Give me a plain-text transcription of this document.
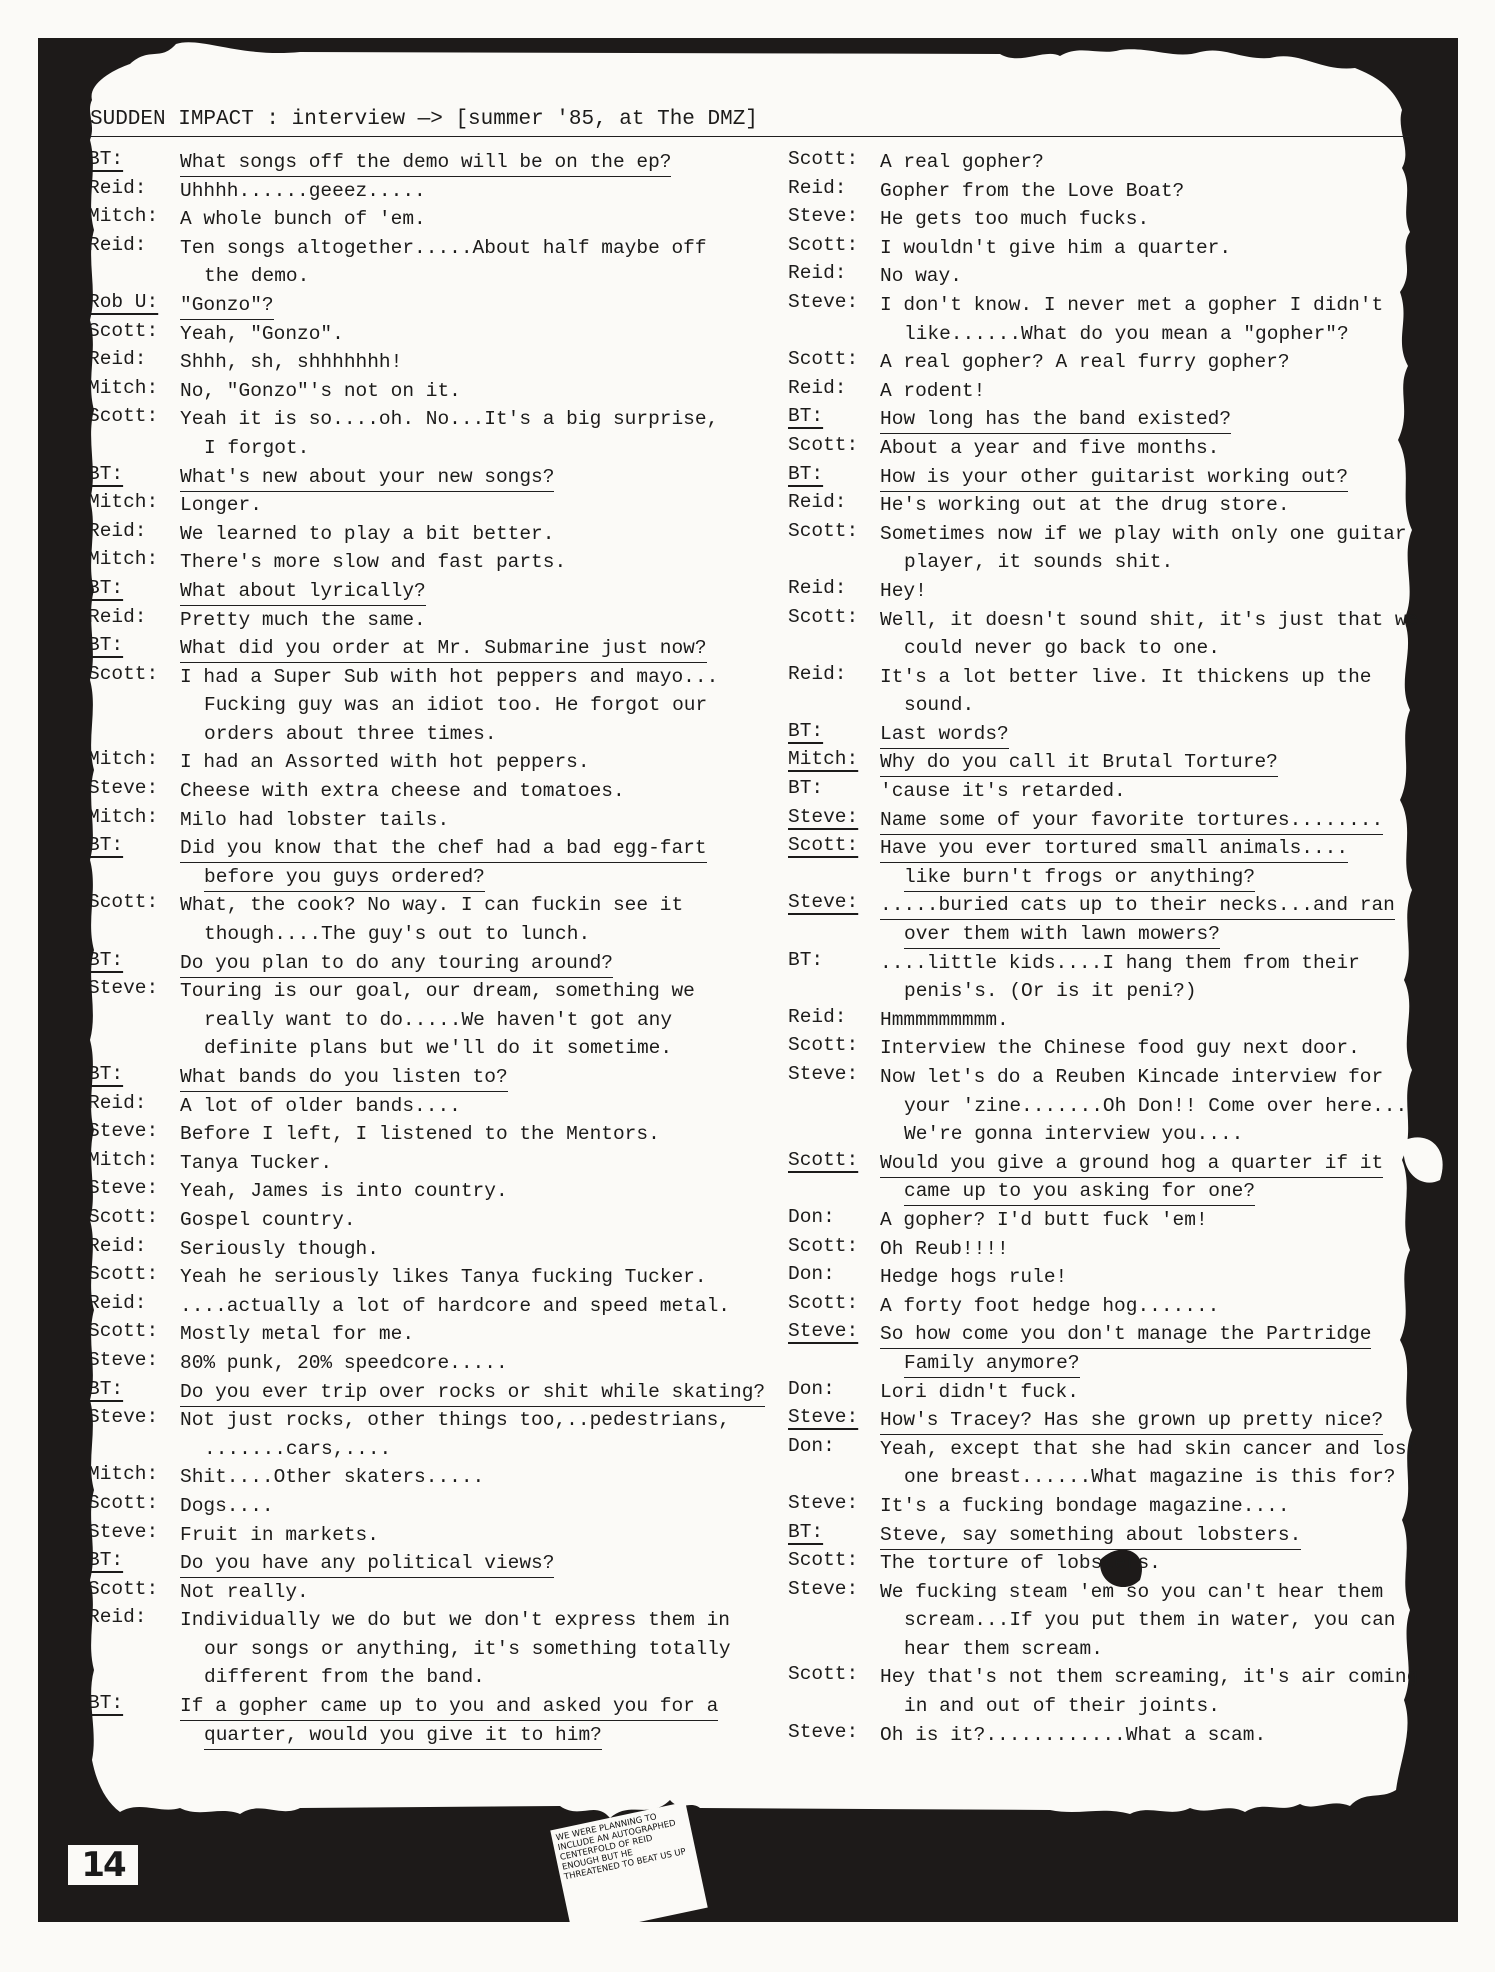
SUDDEN IMPACT : interview —> [summer '85, at The DMZ]
BT:	What songs off the demo will be on the ep?
Reid:	Uhhhh......geeez.....
Mitch:	A whole bunch of 'em.
Reid:	Ten songs altogether.....About half maybe off
the demo.
Rob U:	"Gonzo"?
Scott:	Yeah, "Gonzo".
Reid:	Shhh, sh, shhhhhhh!
Mitch:	No, "Gonzo"'s not on it.
Scott:	Yeah it is so....oh. No...It's a big surprise,
I forgot.
BT:	What's new about your new songs?
Mitch:	Longer.
Reid:	We learned to play a bit better.
Mitch:	There's more slow and fast parts.
BT:	What about lyrically?
Reid:	Pretty much the same.
BT:	What did you order at Mr. Submarine just now?
Scott:	I had a Super Sub with hot peppers and mayo...
Fucking guy was an idiot too. He forgot our
orders about three times.
Mitch:	I had an Assorted with hot peppers.
Steve:	Cheese with extra cheese and tomatoes.
Mitch:	Milo had lobster tails.
BT:	Did you know that the chef had a bad egg-fart
before you guys ordered?
Scott:	What, the cook? No way. I can fuckin see it
though....The guy's out to lunch.
BT:	Do you plan to do any touring around?
Steve:	Touring is our goal, our dream, something we
really want to do.....We haven't got any
definite plans but we'll do it sometime.
BT:	What bands do you listen to?
Reid:	A lot of older bands....
Steve:	Before I left, I listened to the Mentors.
Mitch:	Tanya Tucker.
Steve:	Yeah, James is into country.
Scott:	Gospel country.
Reid:	Seriously though.
Scott:	Yeah he seriously likes Tanya fucking Tucker.
Reid:	....actually a lot of hardcore and speed metal.
Scott:	Mostly metal for me.
Steve:	80% punk, 20% speedcore.....
BT:	Do you ever trip over rocks or shit while skating?
Steve:	Not just rocks, other things too,..pedestrians,
.......cars,....
Mitch:	Shit....Other skaters.....
Scott:	Dogs....
Steve:	Fruit in markets.
BT:	Do you have any political views?
Scott:	Not really.
Reid:	Individually we do but we don't express them in
our songs or anything, it's something totally
different from the band.
BT:	If a gopher came up to you and asked you for a
quarter, would you give it to him?
Scott:	A real gopher?
Reid:	Gopher from the Love Boat?
Steve:	He gets too much fucks.
Scott:	I wouldn't give him a quarter.
Reid:	No way.
Steve:	I don't know. I never met a gopher I didn't
like......What do you mean a "gopher"?
Scott:	A real gopher? A real furry gopher?
Reid:	A rodent!
BT:	How long has the band existed?
Scott:	About a year and five months.
BT:	How is your other guitarist working out?
Reid:	He's working out at the drug store.
Scott:	Sometimes now if we play with only one guitar
player, it sounds shit.
Reid:	Hey!
Scott:	Well, it doesn't sound shit, it's just that we
could never go back to one.
Reid:	It's a lot better live. It thickens up the
sound.
BT:	Last words?
Mitch:	Why do you call it Brutal Torture?
BT:	'cause it's retarded.
Steve:	Name some of your favorite tortures........
Scott:	Have you ever tortured small animals....
like burn't frogs or anything?
Steve:	.....buried cats up to their necks...and ran
over them with lawn mowers?
BT:	....little kids....I hang them from their
penis's. (Or is it peni?)
Reid:	Hmmmmmmmmm.
Scott:	Interview the Chinese food guy next door.
Steve:	Now let's do a Reuben Kincade interview for
your 'zine.......Oh Don!! Come over here...
We're gonna interview you....
Scott:	Would you give a ground hog a quarter if it
came up to you asking for one?
Don:	A gopher? I'd butt fuck 'em!
Scott:	Oh Reub!!!!
Don:	Hedge hogs rule!
Scott:	A forty foot hedge hog.......
Steve:	So how come you don't manage the Partridge
Family anymore?
Don:	Lori didn't fuck.
Steve:	How's Tracey? Has she grown up pretty nice?
Don:	Yeah, except that she had skin cancer and lost
one breast......What magazine is this for?
Steve:	It's a fucking bondage magazine....
BT:	Steve, say something about lobsters.
Scott:	The torture of lobsters.
Steve:	We fucking steam 'em so you can't hear them
scream...If you put them in water, you can
hear them scream.
Scott:	Hey that's not them screaming, it's air coming
in and out of their joints.
Steve:	Oh is it?............What a scam.
14
WE WERE PLANNING TO INCLUDE AN AUTOGRAPHED CENTERFOLD OF REID ENOUGH BUT HE THREATENED TO BEAT US UP
